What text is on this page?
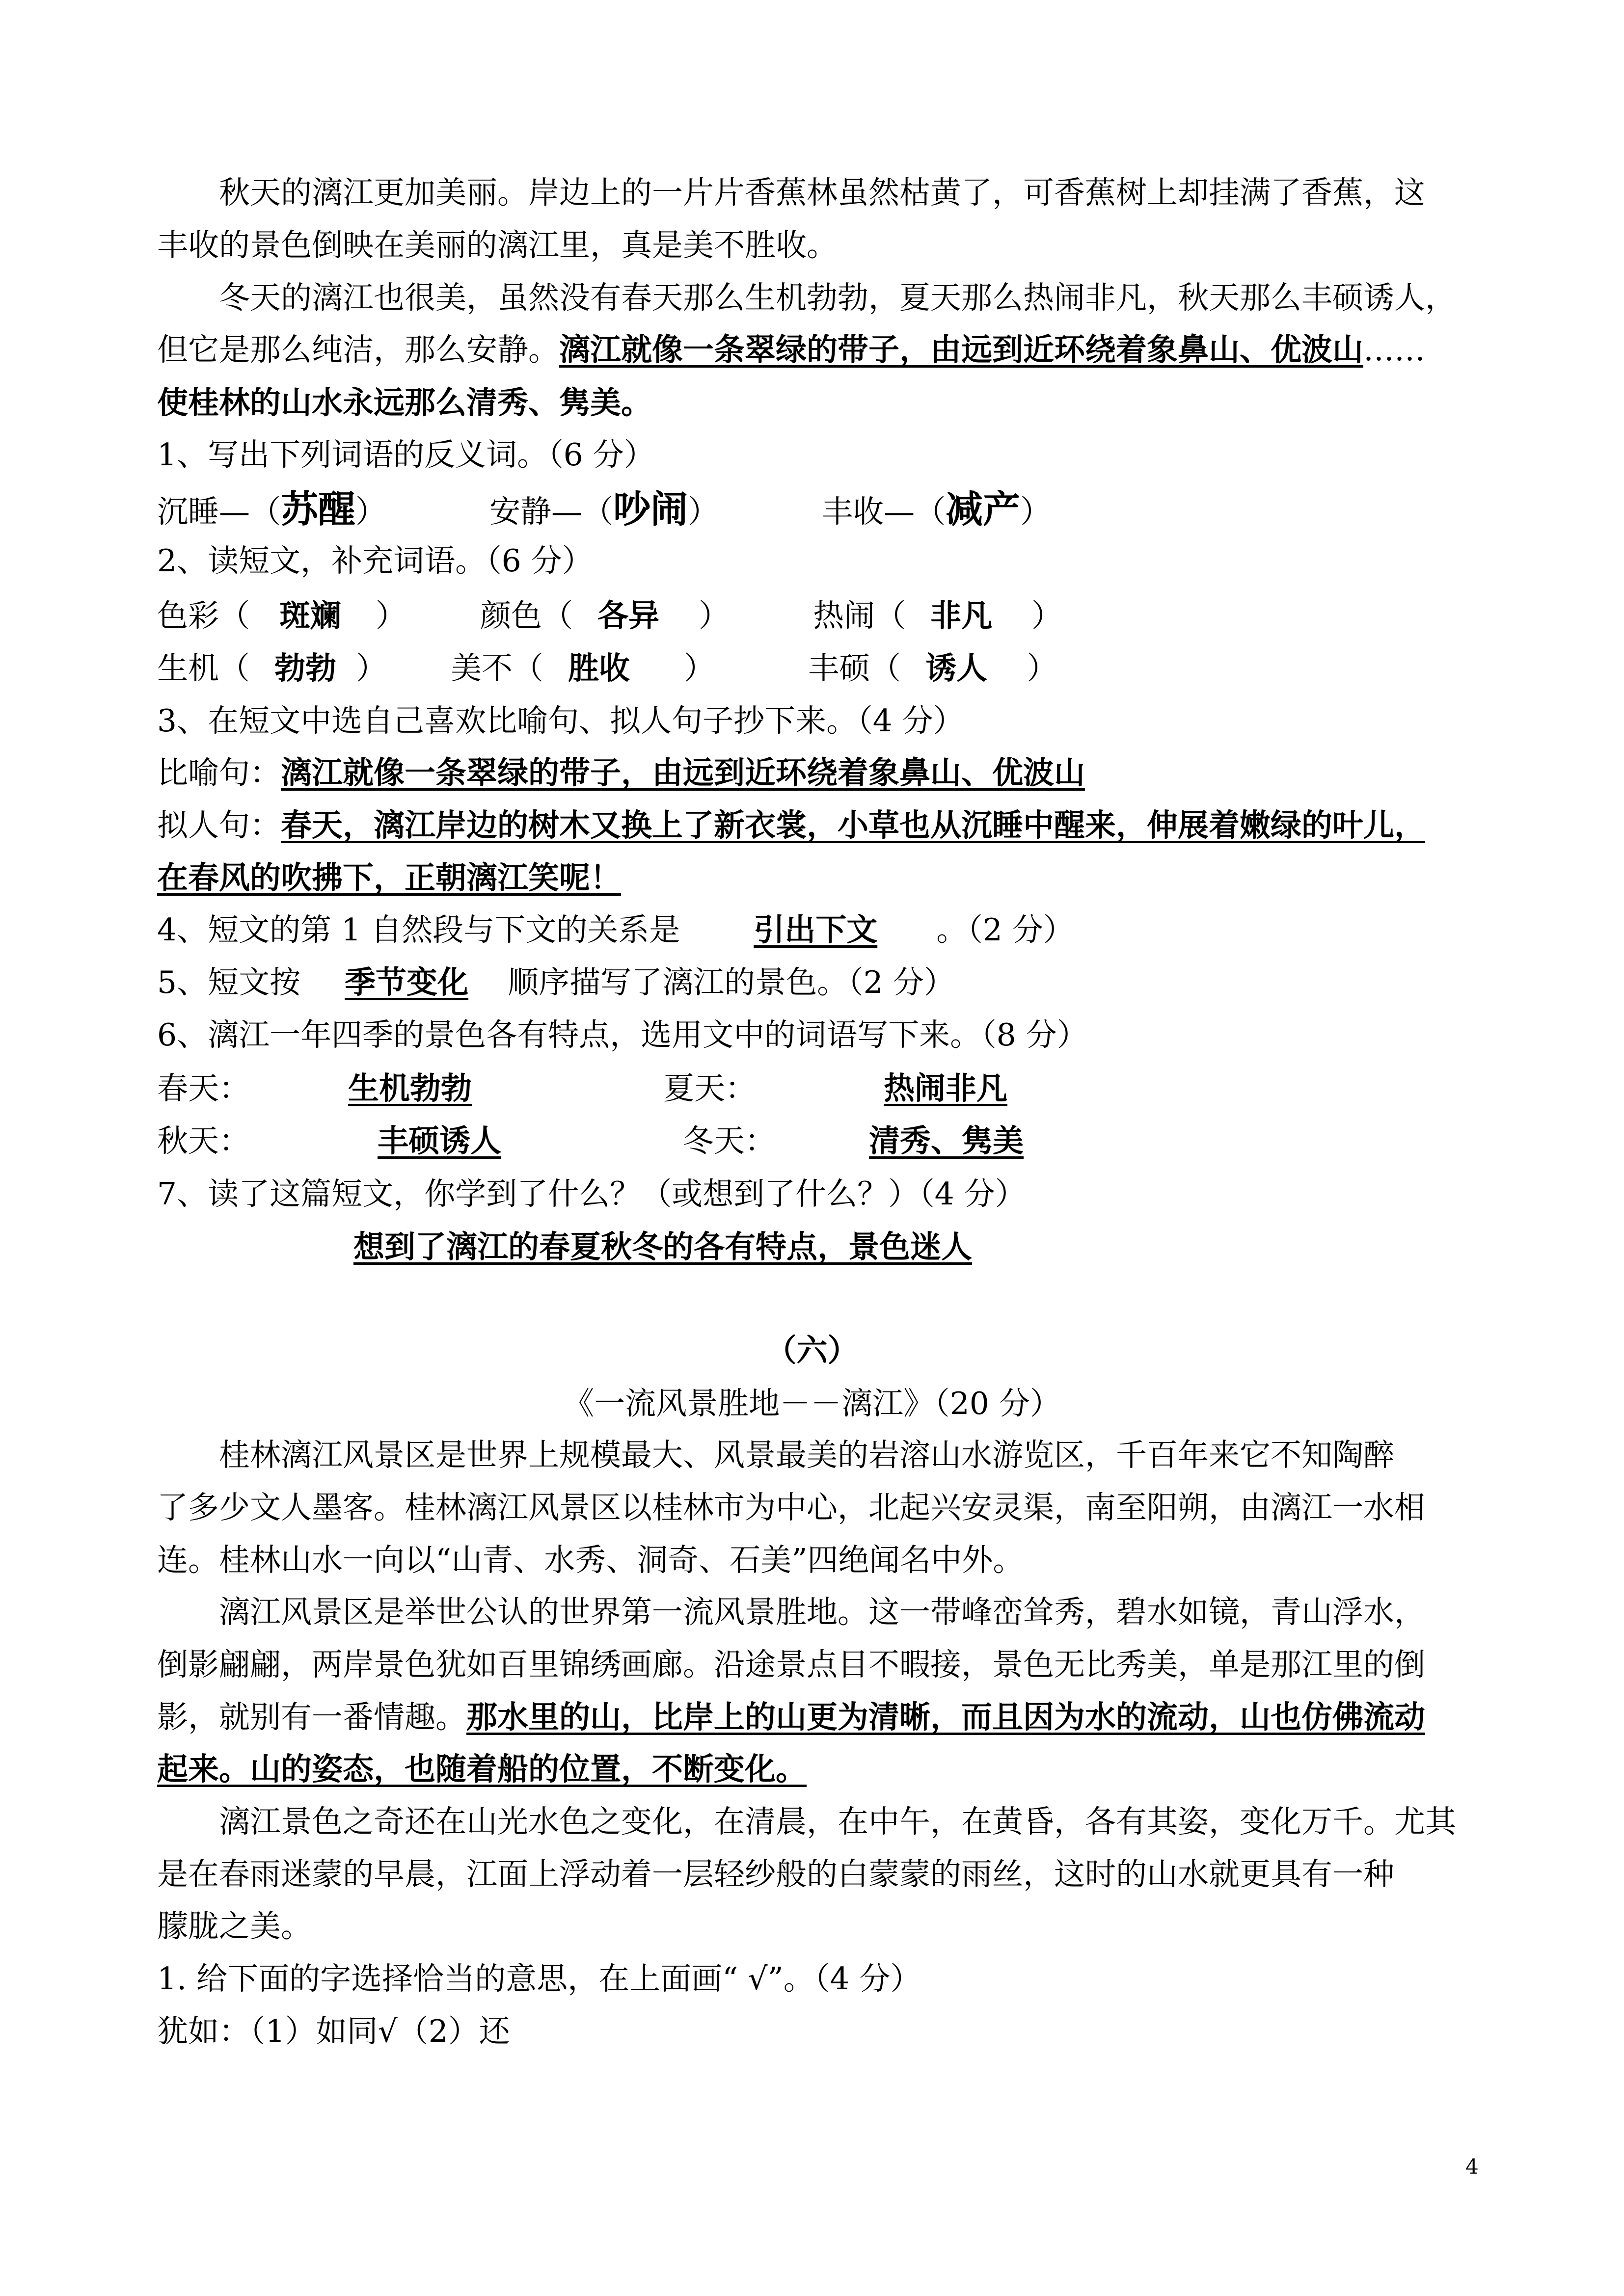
秋天的漓江更加美丽。岸边上的一片片香蕉林虽然枯黄了，可香蕉树上却挂满了香蕉，这
丰收的景色倒映在美丽的漓江里，真是美不胜收。
冬天的漓江也很美，虽然没有春天那么生机勃勃，夏天那么热闹非凡，秋天那么丰硕诱人，
但它是那么纯洁，那么安静。漓江就像一条翠绿的带子，由远到近环绕着象鼻山、优波山……
使桂林的山水永远那么清秀、隽美。
1、写出下列词语的反义词。（6 分）
沉睡—（苏醒）	安静—（吵闹）	丰收—（减产）
2、读短文，补充词语。（6 分）
色彩（ 斑斓 ） 颜色（ 各异 ）	热闹（ 非凡 ）
生机（ 勃勃 ） 美不（ 胜收 ）	丰硕（ 诱人 ）
3、在短文中选自己喜欢比喻句、拟人句子抄下来。（4 分）
比喻句：漓江就像一条翠绿的带子，由远到近环绕着象鼻山、优波山
拟人句：春天，漓江岸边的树木又换上了新衣裳，小草也从沉睡中醒来，伸展着嫩绿的叶儿，
在春风的吹拂下，正朝漓江笑呢！
4、短文的第 1 自然段与下文的关系是 引出下文 。（2 分）
5、短文按 季节变化 顺序描写了漓江的景色。（2 分）
6、漓江一年四季的景色各有特点，选用文中的词语写下来。（8 分）
春天：	生机勃勃	夏天：	热闹非凡
秋天：	丰硕诱人	冬天：	清秀、隽美
7、读了这篇短文，你学到了什么？（或想到了什么？）（4 分）
想到了漓江的春夏秋冬的各有特点，景色迷人
（六）
《一流风景胜地－－漓江》（20 分）
桂林漓江风景区是世界上规模最大、风景最美的岩溶山水游览区，千百年来它不知陶醉
了多少文人墨客。桂林漓江风景区以桂林市为中心，北起兴安灵渠，南至阳朔，由漓江一水相
连。桂林山水一向以“山青、水秀、洞奇、石美”四绝闻名中外。
漓江风景区是举世公认的世界第一流风景胜地。这一带峰峦耸秀，碧水如镜，青山浮水，
倒影翩翩，两岸景色犹如百里锦绣画廊。沿途景点目不暇接，景色无比秀美，单是那江里的倒
影，就别有一番情趣。那水里的山，比岸上的山更为清晰，而且因为水的流动，山也仿佛流动
起来。山的姿态，也随着船的位置，不断变化。
漓江景色之奇还在山光水色之变化，在清晨，在中午，在黄昏，各有其姿，变化万千。尤其
是在春雨迷蒙的早晨，江面上浮动着一层轻纱般的白蒙蒙的雨丝，这时的山水就更具有一种
朦胧之美。
1. 给下面的字选择恰当的意思，在上面画“ √”。（4 分）
犹如：（1）如同√（2）还
4
